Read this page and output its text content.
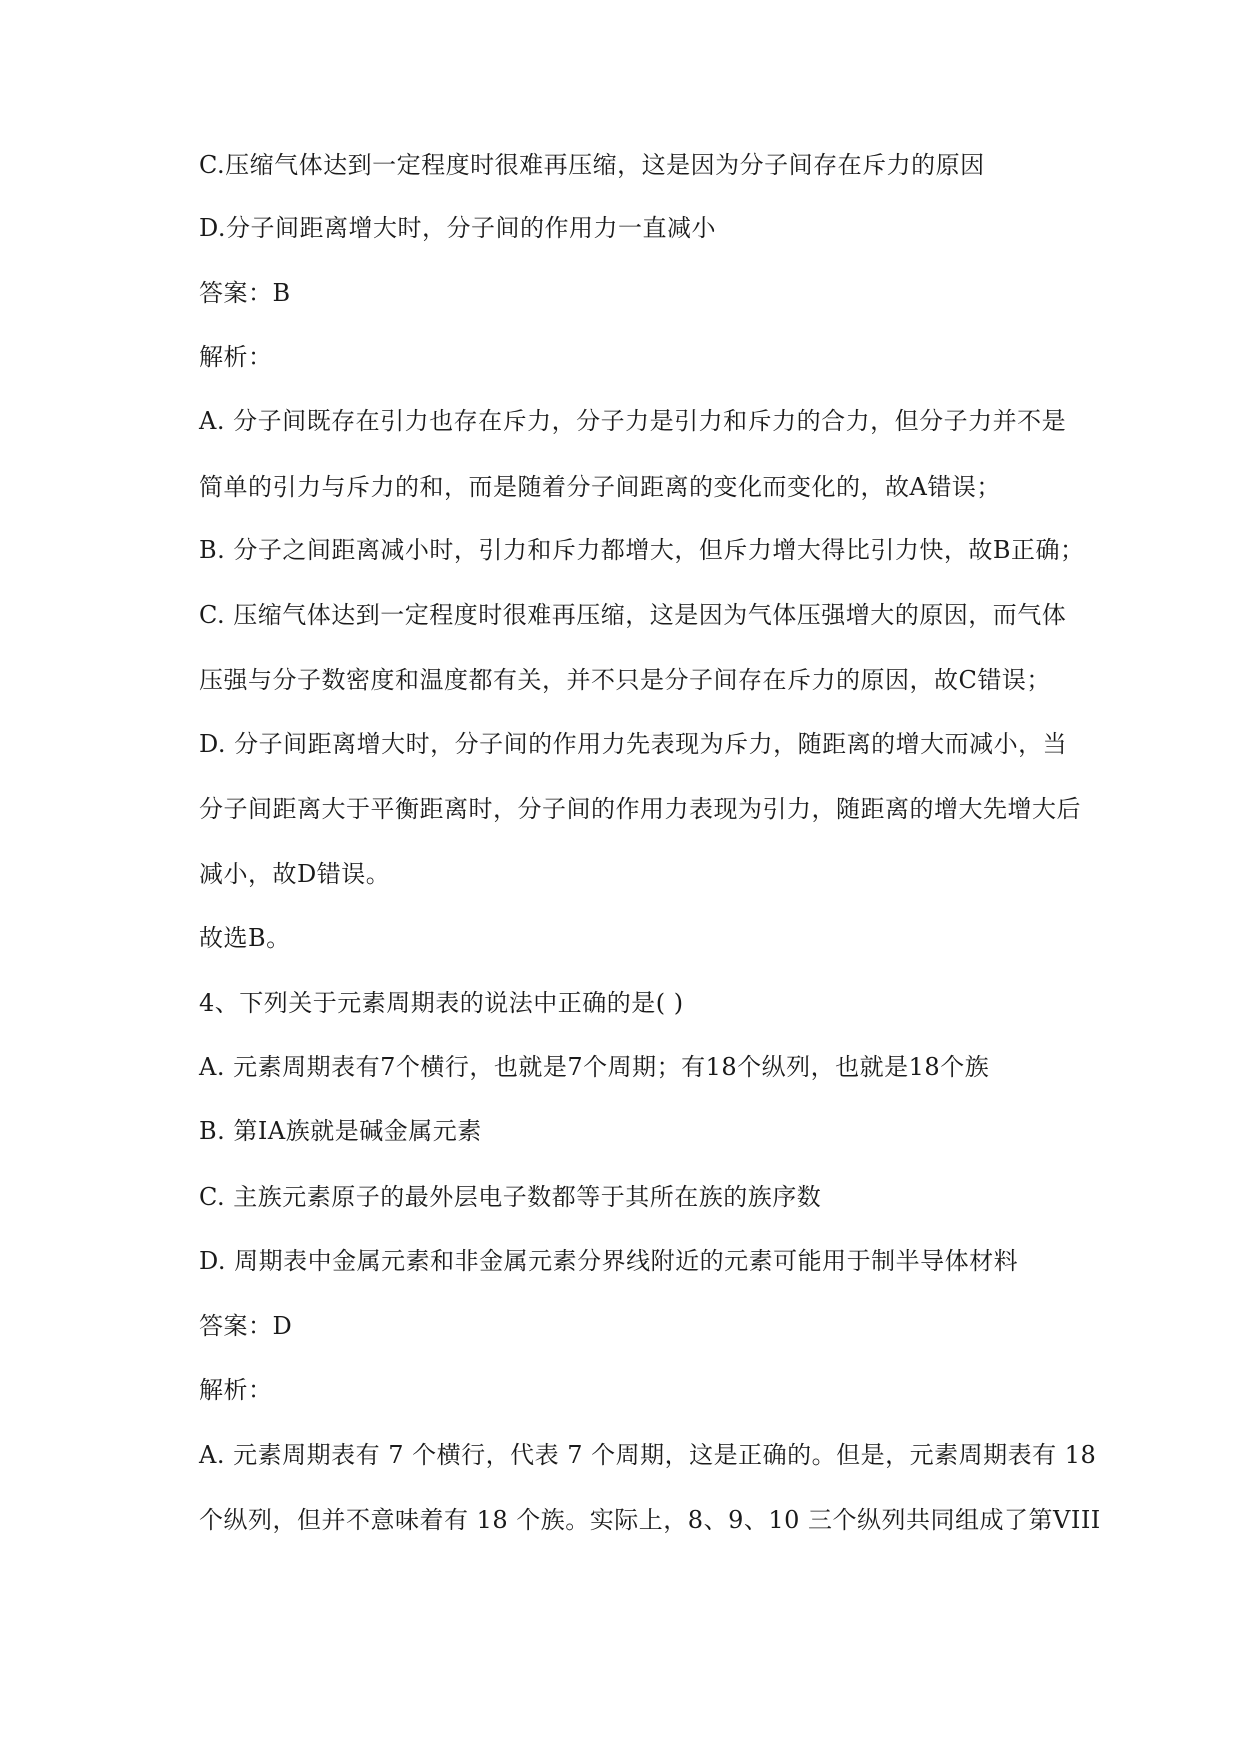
C.压缩气体达到一定程度时很难再压缩，这是因为分子间存在斥力的原因
D.分子间距离增大时，分子间的作用力一直减小
答案：B
解析：
A. 分子间既存在引力也存在斥力，分子力是引力和斥力的合力，但分子力并不是
简单的引力与斥力的和，而是随着分子间距离的变化而变化的，故A错误；
B. 分子之间距离减小时，引力和斥力都增大，但斥力增大得比引力快，故B正确；
C. 压缩气体达到一定程度时很难再压缩，这是因为气体压强增大的原因，而气体
压强与分子数密度和温度都有关，并不只是分子间存在斥力的原因，故C错误；
D. 分子间距离增大时，分子间的作用力先表现为斥力，随距离的增大而减小，当
分子间距离大于平衡距离时，分子间的作用力表现为引力，随距离的增大先增大后
减小，故D错误。
故选B。
4、下列关于元素周期表的说法中正确的是( )
A. 元素周期表有7个横行，也就是7个周期；有18个纵列，也就是18个族
B. 第IA族就是碱金属元素
C. 主族元素原子的最外层电子数都等于其所在族的族序数
D. 周期表中金属元素和非金属元素分界线附近的元素可能用于制半导体材料
答案：D
解析：
A. 元素周期表有 7 个横行，代表 7 个周期，这是正确的。但是，元素周期表有 18
个纵列，但并不意味着有 18 个族。实际上，8、9、10 三个纵列共同组成了第VIII
